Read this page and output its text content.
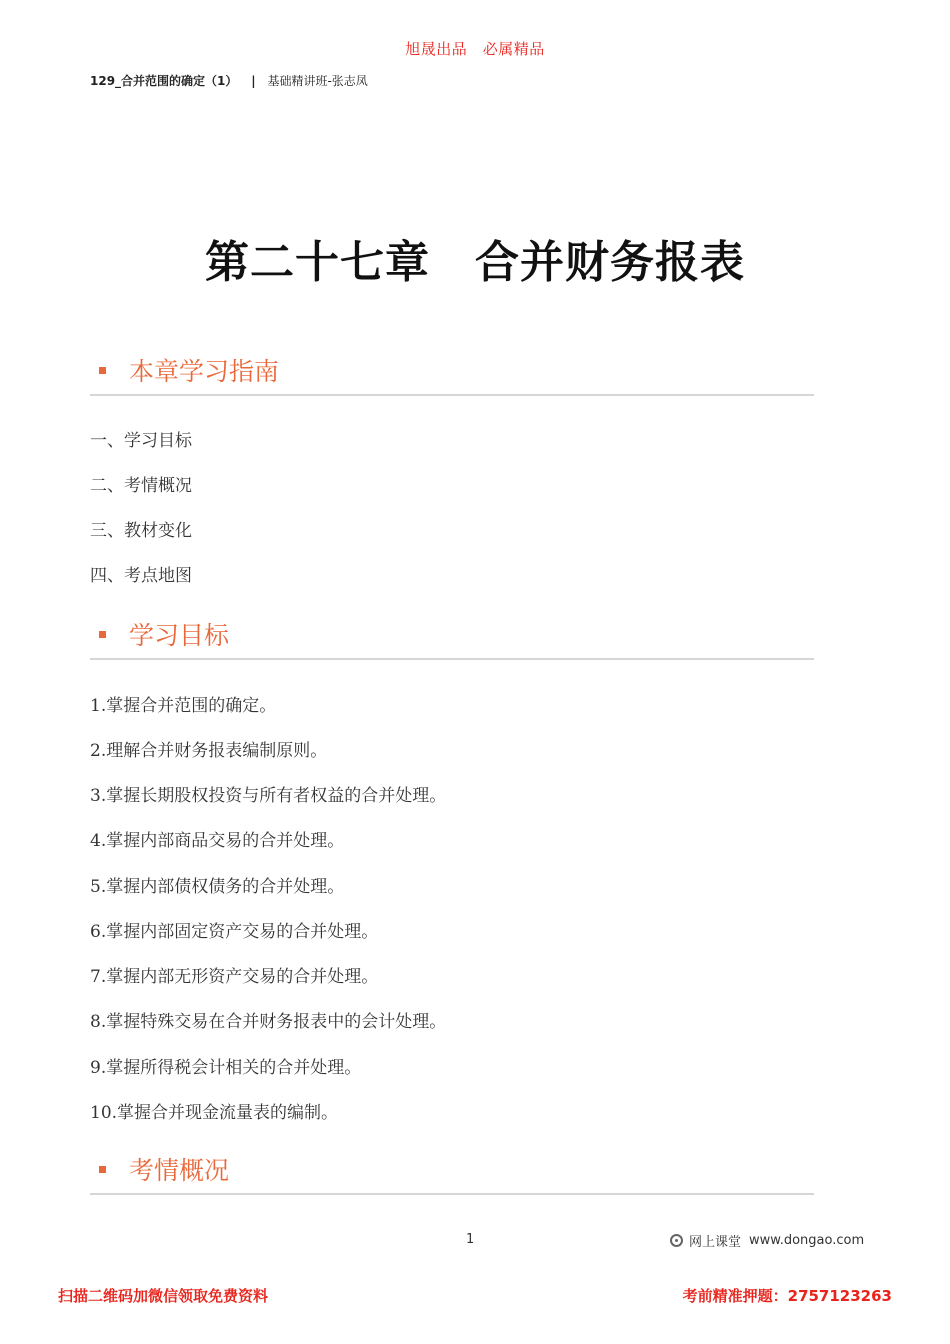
旭晟出品　必属精品
129_合并范围的确定（1） | 基础精讲班-张志凤
第二十七章　合并财务报表
本章学习指南
一、学习目标
二、考情概况
三、教材变化
四、考点地图
学习目标
1.掌握合并范围的确定。
2.理解合并财务报表编制原则。
3.掌握长期股权投资与所有者权益的合并处理。
4.掌握内部商品交易的合并处理。
5.掌握内部债权债务的合并处理。
6.掌握内部固定资产交易的合并处理。
7.掌握内部无形资产交易的合并处理。
8.掌握特殊交易在合并财务报表中的会计处理。
9.掌握所得税会计相关的合并处理。
10.掌握合并现金流量表的编制。
考情概况
1	网上课堂 www.dongao.com
扫描二维码加微信领取免费资料	考前精准押题：2757123263
